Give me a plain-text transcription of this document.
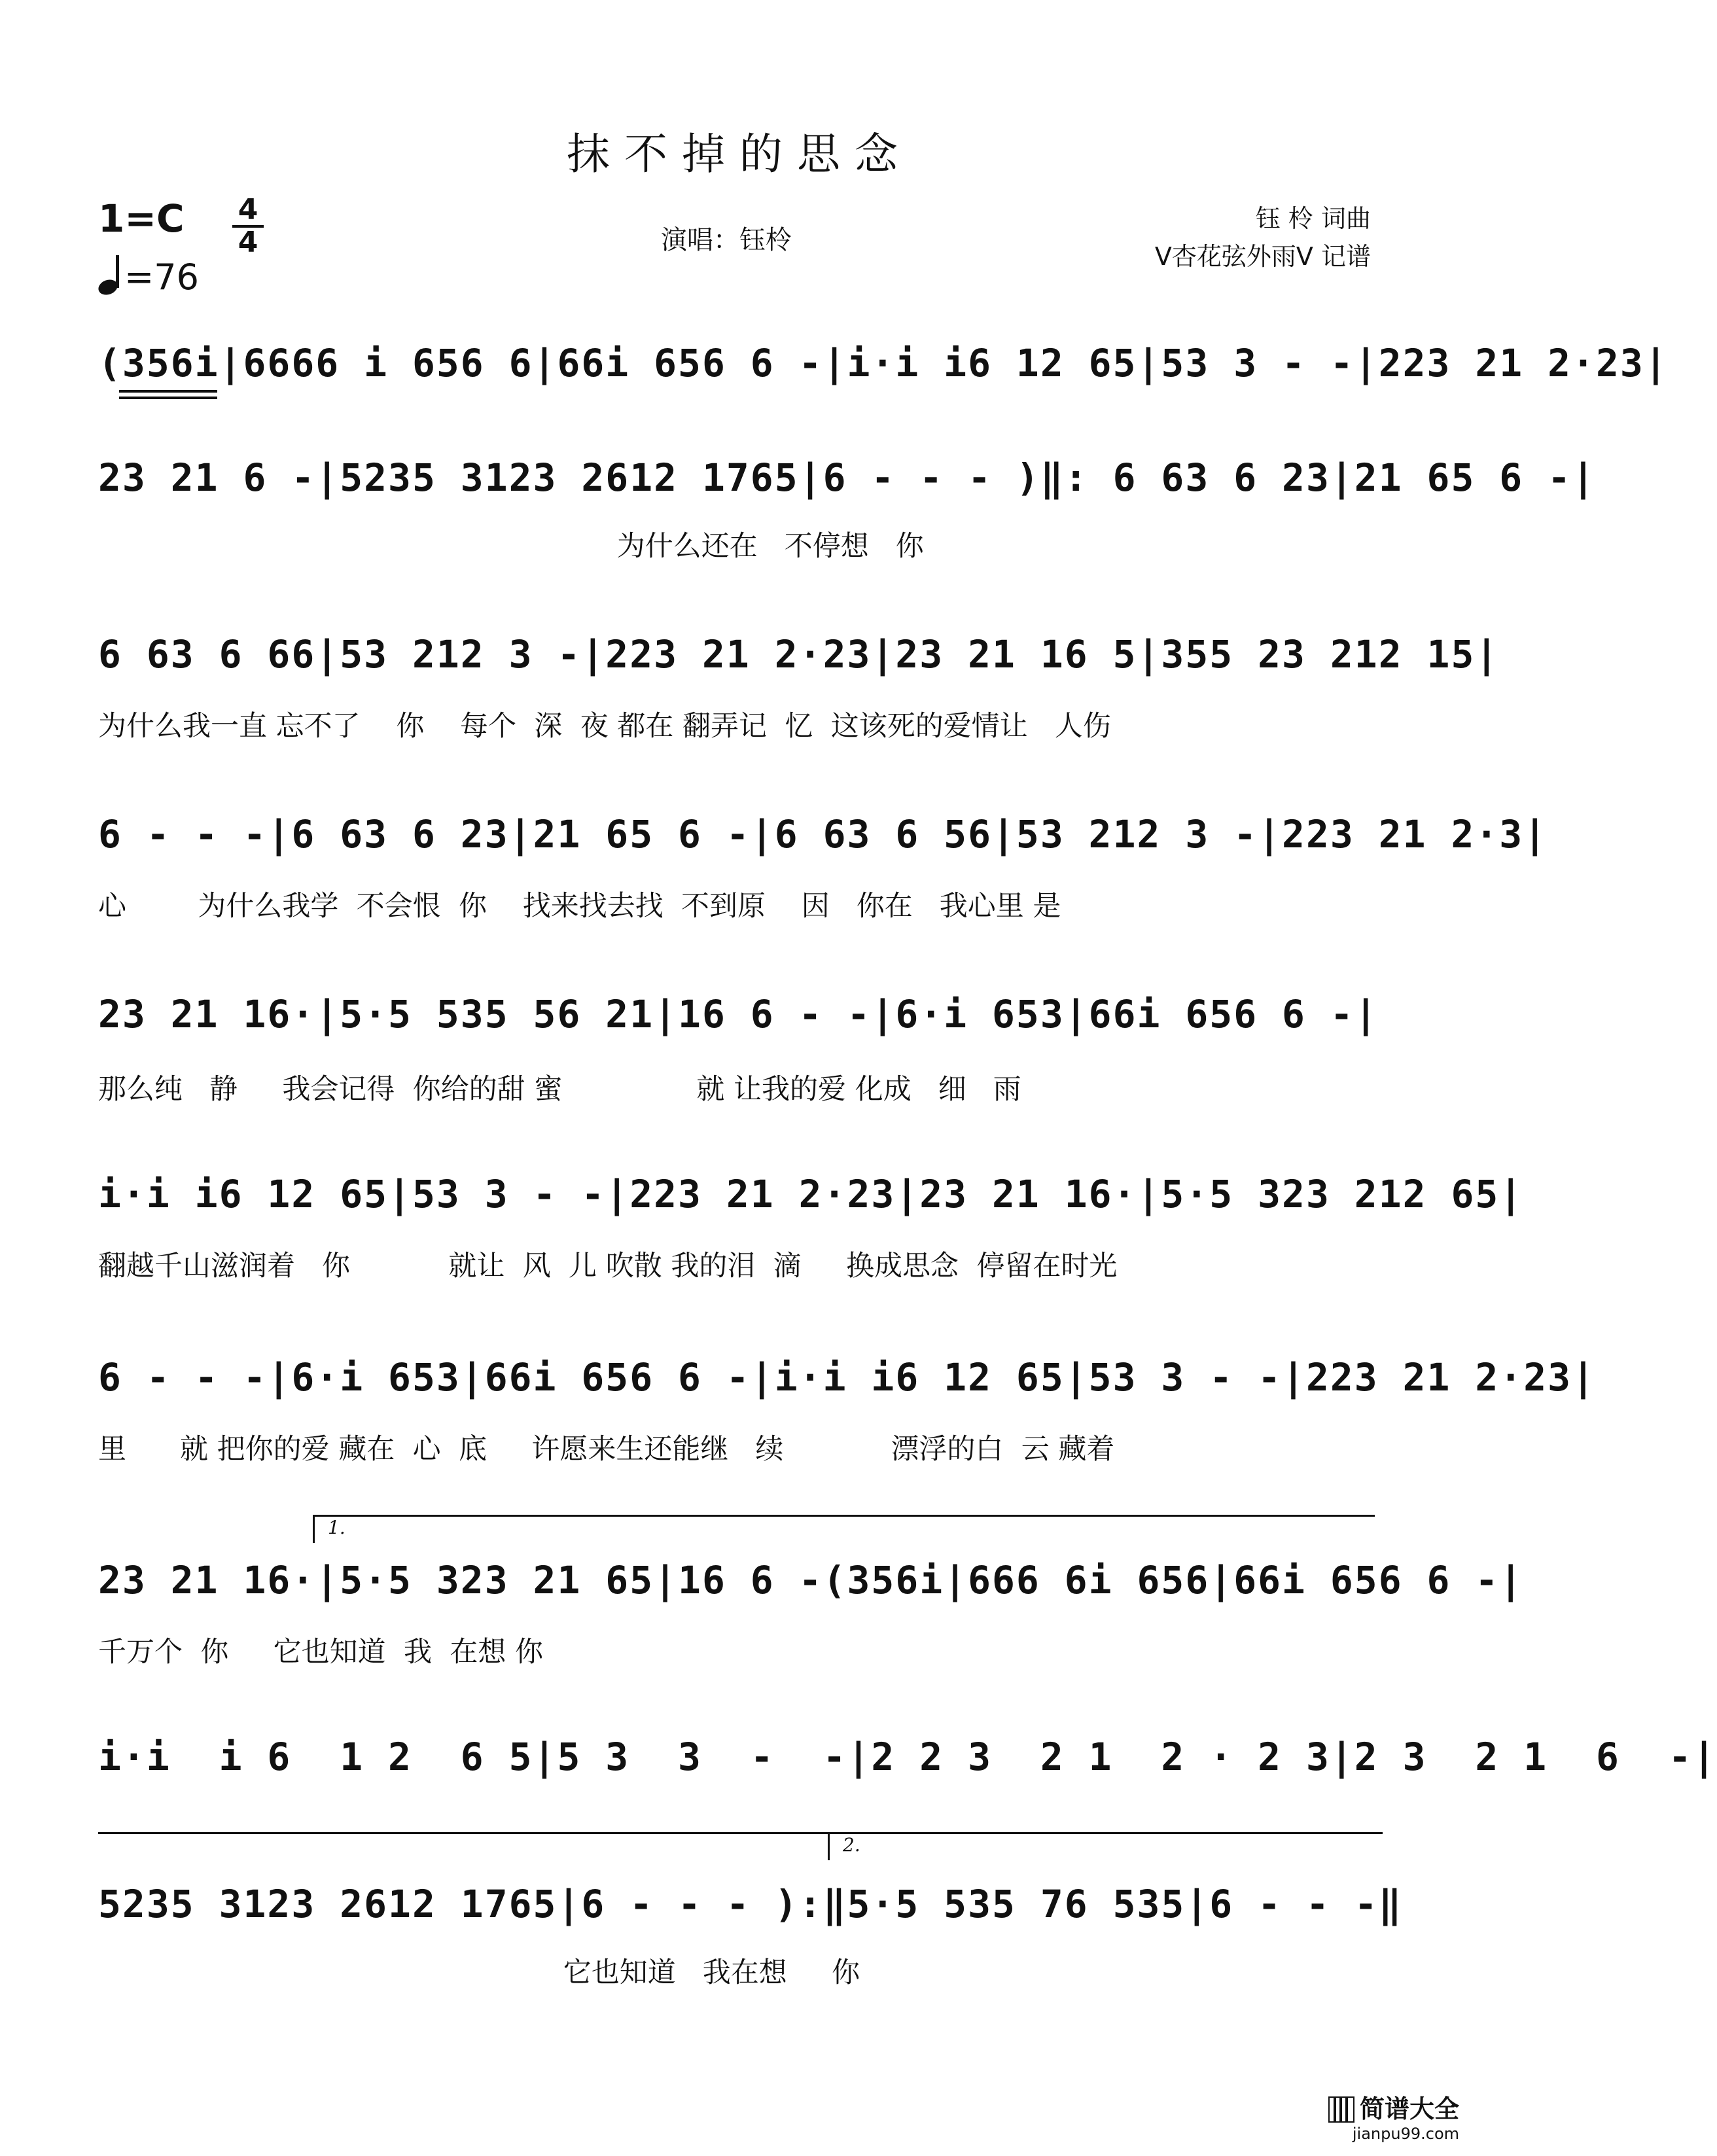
抹不掉的思念
1=C 4
4
=76
演唱：钰柃
钰 柃 词曲
V杏花弦外雨V 记谱
(356i|6666 i 656 6|66i 656 6 -|i·i i6 12 65|53 3 - -|223 21 2·23|
23 21 6 -|5235 3123 2612 1765|6 - - - )‖: 6 63 6 23|21 65 6 -|
为什么还在   不停想   你
6 63 6 66|53 212 3 -|223 21 2·23|23 21 16 5|355 23 212 15|
为什么我一直 忘不了    你    每个  深  夜 都在 翻弄记  忆  这该死的爱情让   人伤
6 - - -|6 63 6 23|21 65 6 -|6 63 6 56|53 212 3 -|223 21 2·3|
心        为什么我学  不会恨  你    找来找去找  不到原    因   你在   我心里 是
23 21 16·|5·5 535 56 21|16 6 - -|6·i 653|66i 656 6 -|
那么纯   静     我会记得  你给的甜 蜜               就 让我的爱 化成   细   雨
i·i i6 12 65|53 3 - -|223 21 2·23|23 21 16·|5·5 323 212 65|
翻越千山滋润着   你           就让  风  儿 吹散 我的泪  滴     换成思念  停留在时光
6 - - -|6·i 653|66i 656 6 -|i·i i6 12 65|53 3 - -|223 21 2·23|
里      就 把你的爱 藏在  心  底     许愿来生还能继   续            漂浮的白  云 藏着
1.
23 21 16·|5·5 323 21 65|16 6 -(356i|666 6i 656|66i 656 6 -|
千万个  你     它也知道  我  在想 你
i·i  i 6  1 2  6 5|5 3  3  -  -|2 2 3  2 1  2 · 2 3|2 3  2 1  6  -|
2.
5235 3123 2612 1765|6 - - - ):‖5·5 535 76 535|6 - - -‖
它也知道   我在想     你
简谱大全
jianpu99.com
